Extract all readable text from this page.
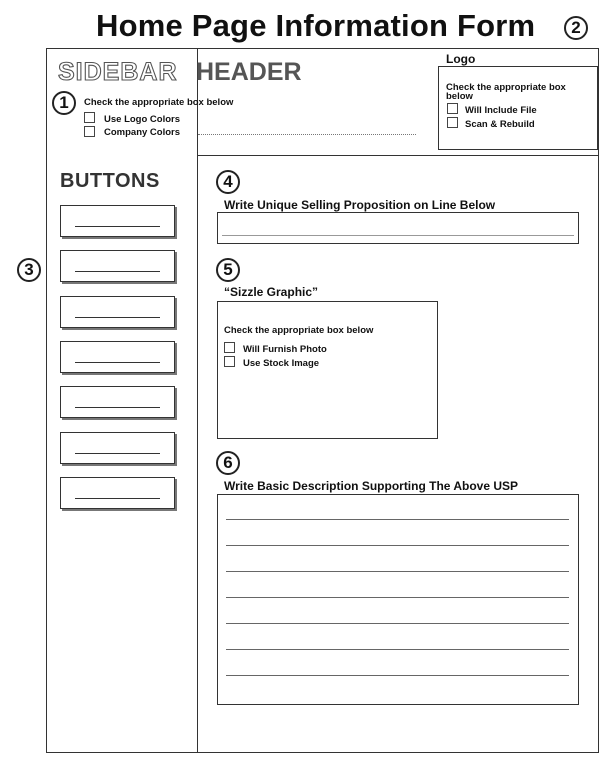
Home Page Information Form	2
SIDEBAR HEADER
1	Check the appropriate box below
Use Logo Colors
Company Colors
Logo
Check the appropriate box
below
Will Include File
Scan & Rebuild
3
BUTTONS	4
Write Unique Selling Proposition on Line Below
5
“Sizzle Graphic”
Check the appropriate box below
Will Furnish Photo
Use Stock Image
6
Write Basic Description Supporting The Above USP
